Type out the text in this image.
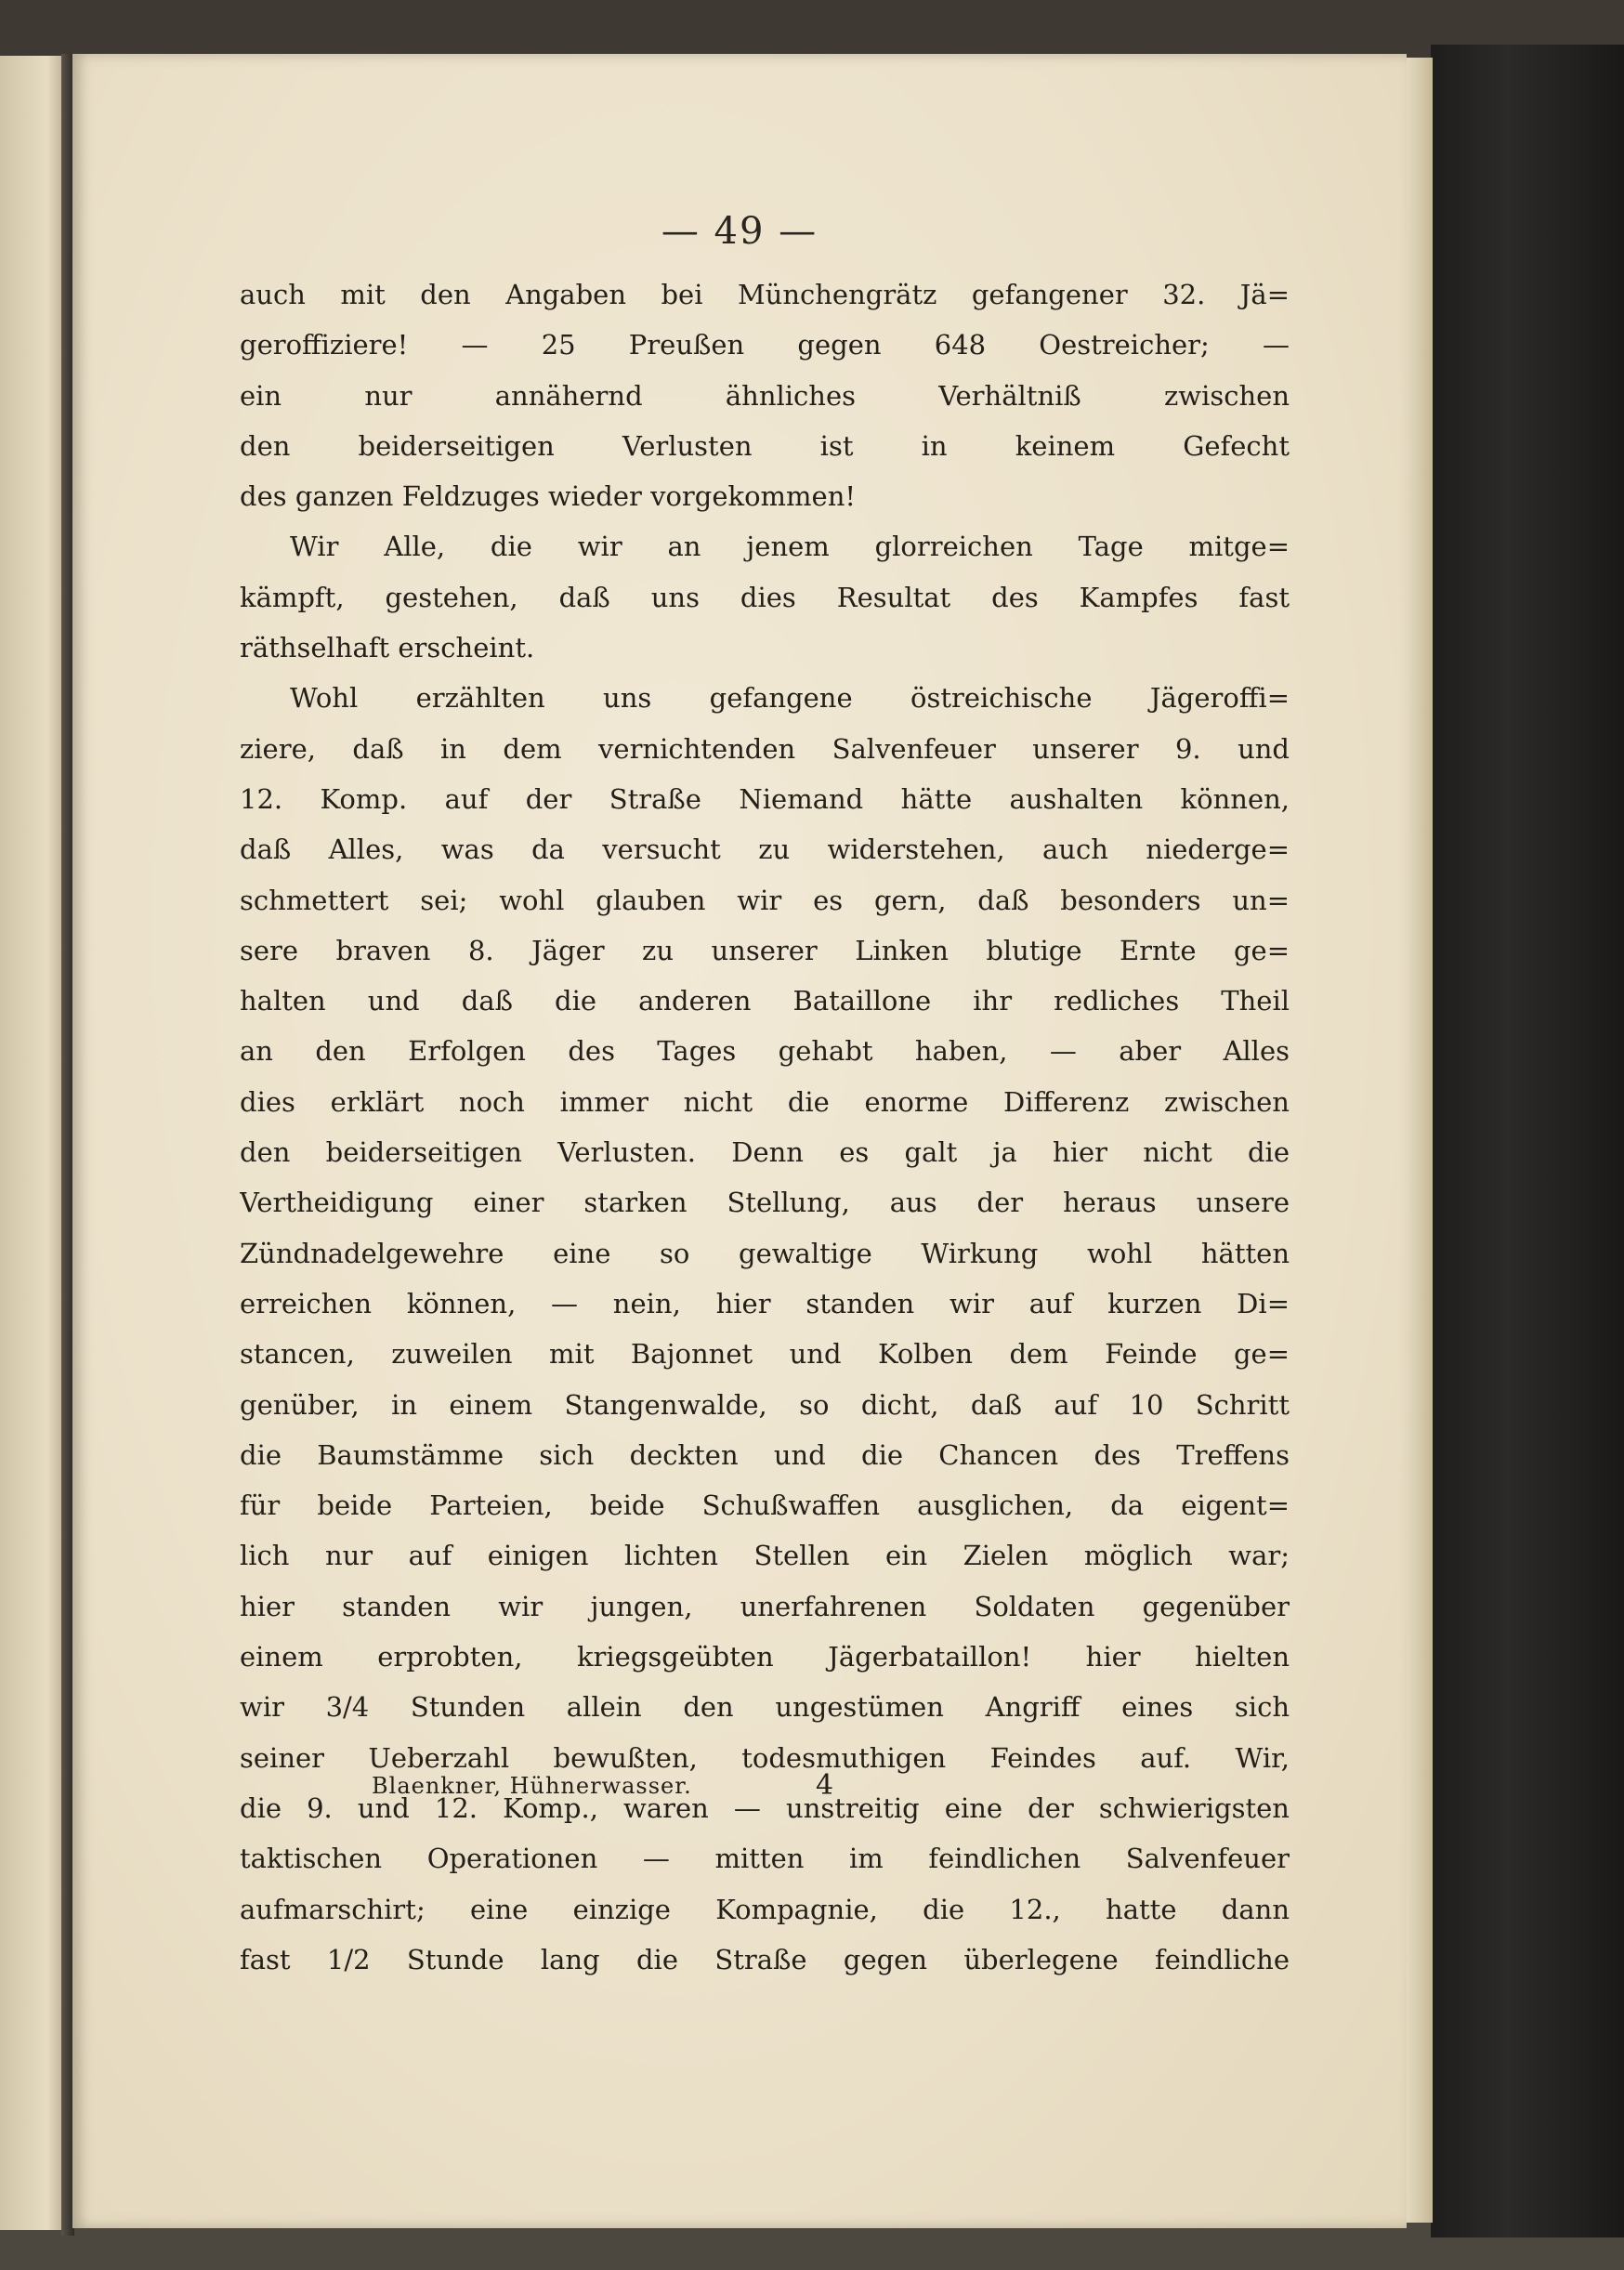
— 49 —
auch mit den Angaben bei Münchengrätz gefangener 32. Jä=
geroffiziere! — 25 Preußen gegen 648 Oestreicher; —
ein nur annähernd ähnliches Verhältniß zwischen
den beiderseitigen Verlusten ist in keinem Gefecht
des ganzen Feldzuges wieder vorgekommen!
Wir Alle, die wir an jenem glorreichen Tage mitge=
kämpft, gestehen, daß uns dies Resultat des Kampfes fast
räthselhaft erscheint.
Wohl erzählten uns gefangene östreichische Jägeroffi=
ziere, daß in dem vernichtenden Salvenfeuer unserer 9. und
12. Komp. auf der Straße Niemand hätte aushalten können,
daß Alles, was da versucht zu widerstehen, auch niederge=
schmettert sei; wohl glauben wir es gern, daß besonders un=
sere braven 8. Jäger zu unserer Linken blutige Ernte ge=
halten und daß die anderen Bataillone ihr redliches Theil
an den Erfolgen des Tages gehabt haben, — aber Alles
dies erklärt noch immer nicht die enorme Differenz zwischen
den beiderseitigen Verlusten. Denn es galt ja hier nicht die
Vertheidigung einer starken Stellung, aus der heraus unsere
Zündnadelgewehre eine so gewaltige Wirkung wohl hätten
erreichen können, — nein, hier standen wir auf kurzen Di=
stancen, zuweilen mit Bajonnet und Kolben dem Feinde ge=
genüber, in einem Stangenwalde, so dicht, daß auf 10 Schritt
die Baumstämme sich deckten und die Chancen des Treffens
für beide Parteien, beide Schußwaffen ausglichen, da eigent=
lich nur auf einigen lichten Stellen ein Zielen möglich war;
hier standen wir jungen, unerfahrenen Soldaten gegenüber
einem erprobten, kriegsgeübten Jägerbataillon! hier hielten
wir 3/4 Stunden allein den ungestümen Angriff eines sich
seiner Ueberzahl bewußten, todesmuthigen Feindes auf. Wir,
die 9. und 12. Komp., waren — unstreitig eine der schwierigsten
taktischen Operationen — mitten im feindlichen Salvenfeuer
aufmarschirt; eine einzige Kompagnie, die 12., hatte dann
fast 1/2 Stunde lang die Straße gegen überlegene feindliche
Blaenkner, Hühnerwasser.	4
